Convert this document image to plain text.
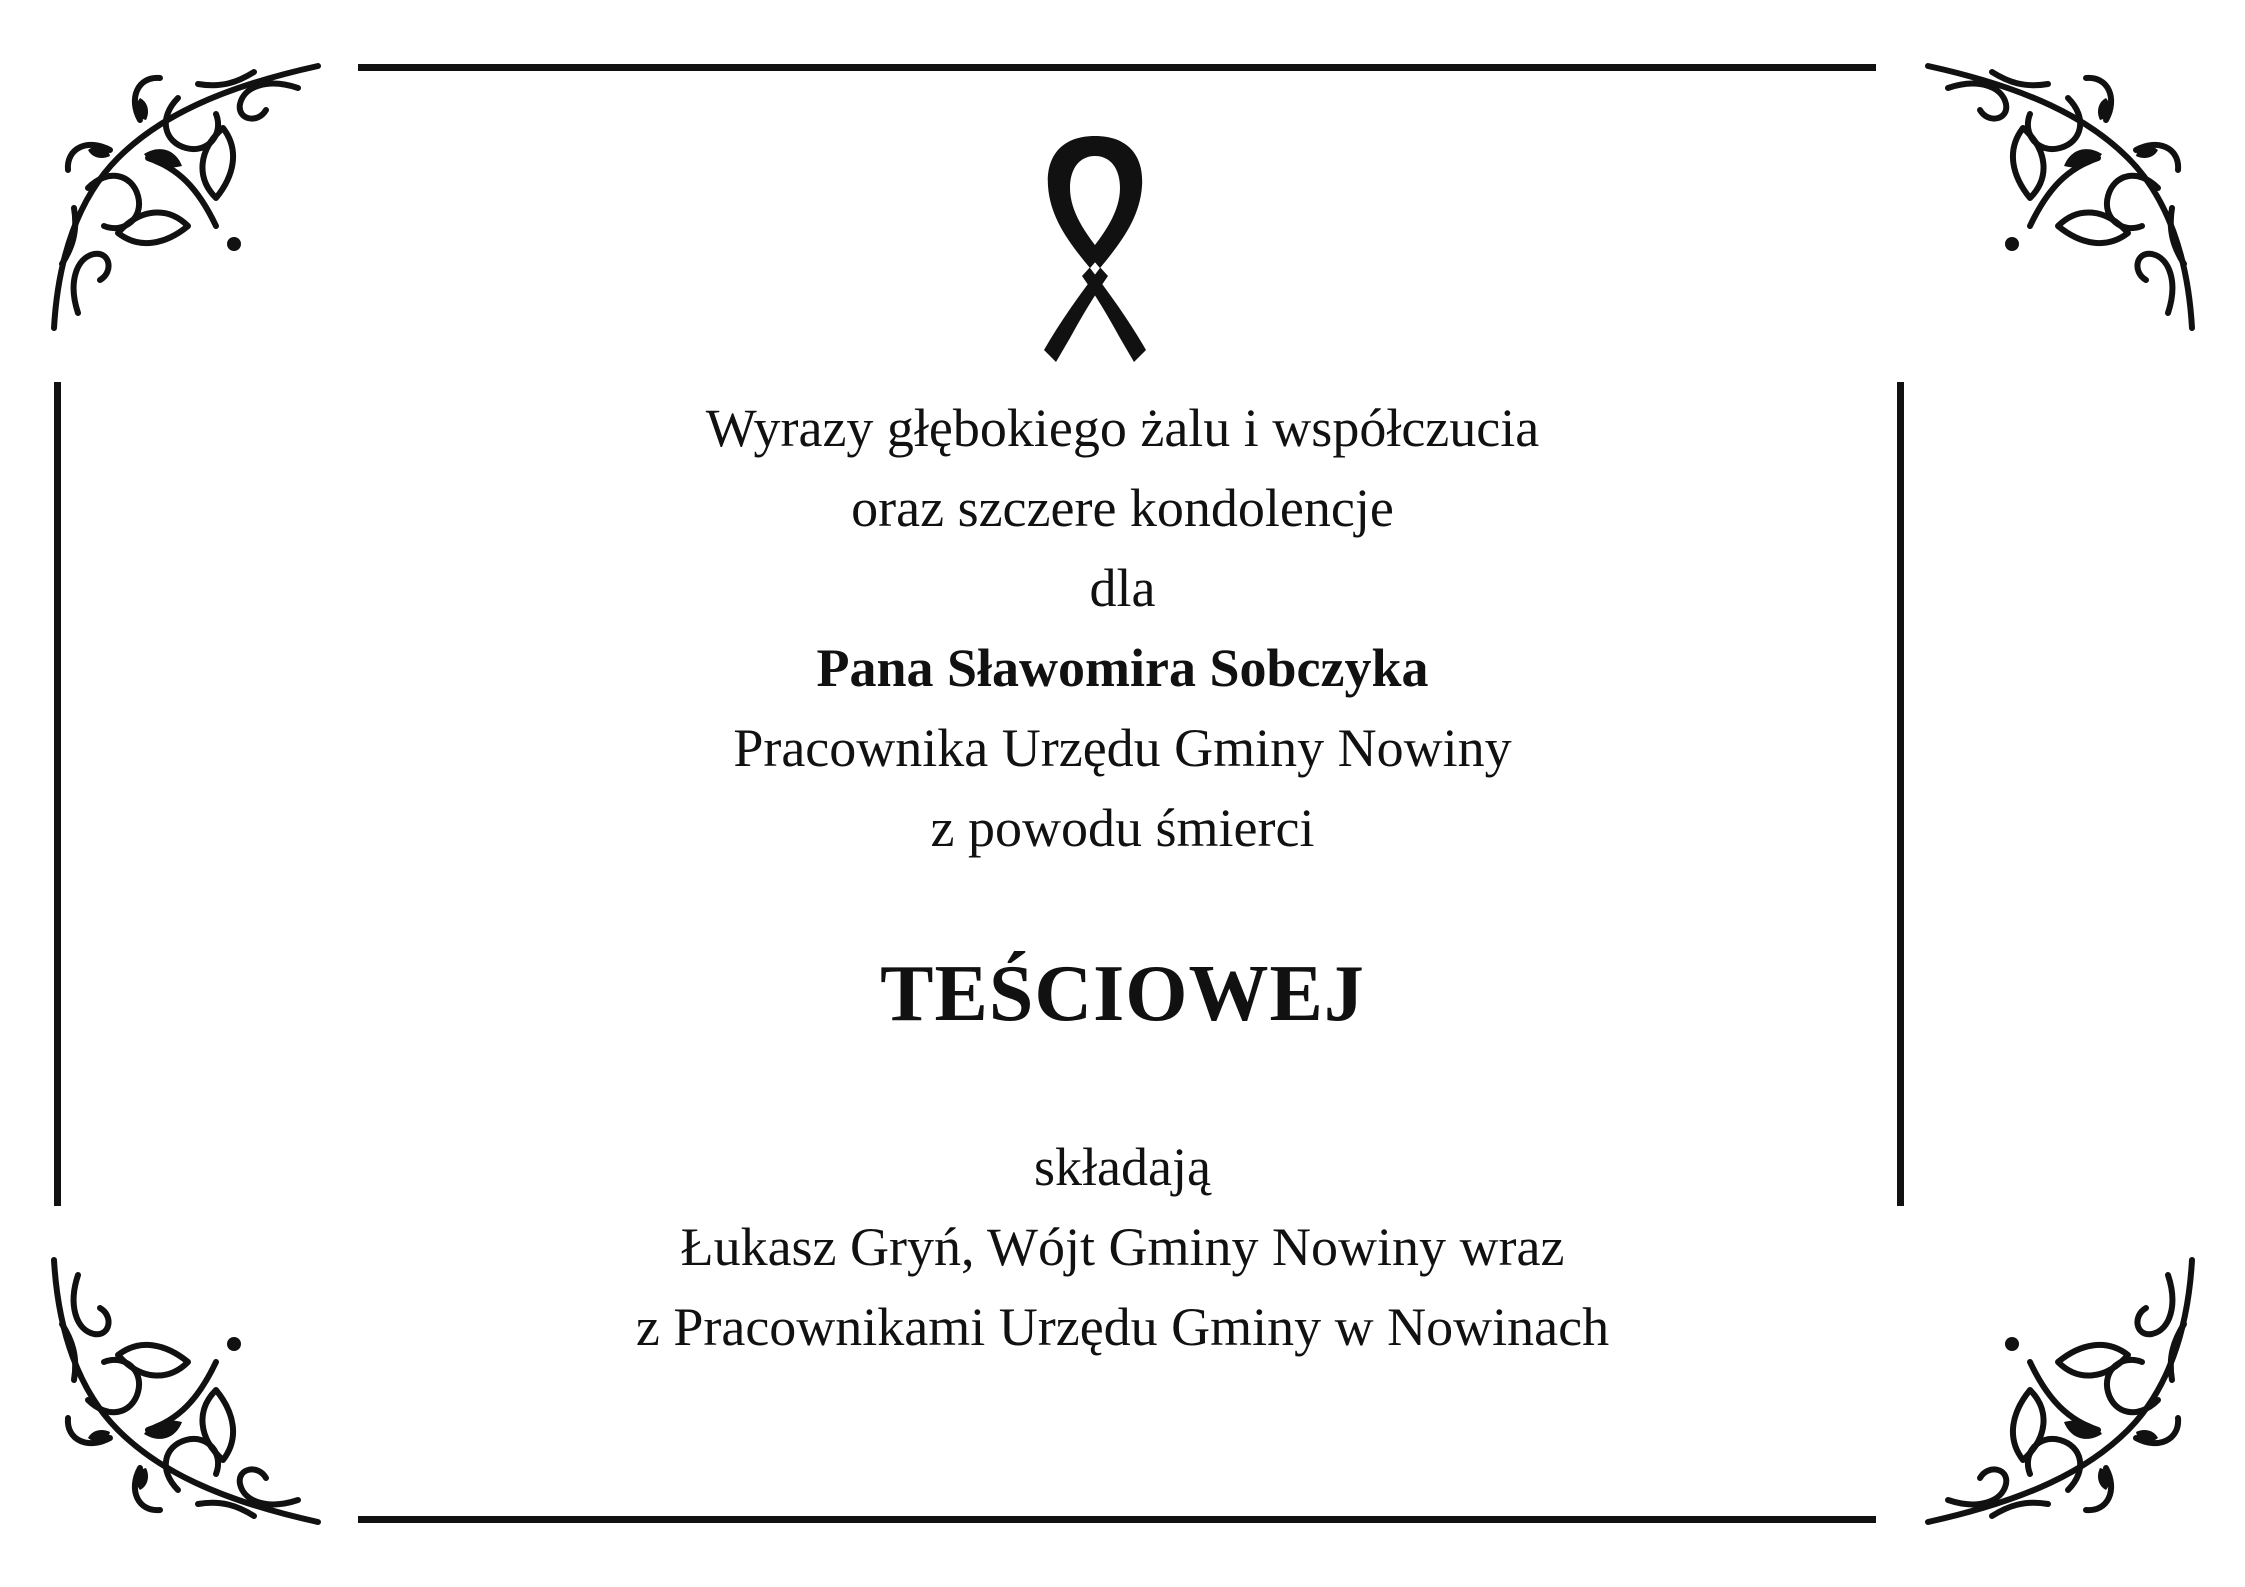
Wyrazy głębokiego żalu i współczucia
oraz szczere kondolencje
dla
Pana Sławomira Sobczyka
Pracownika Urzędu Gminy Nowiny
z powodu śmierci
TEŚCIOWEJ
składają
Łukasz Gryń, Wójt Gminy Nowiny wraz
z Pracownikami Urzędu Gminy w Nowinach
